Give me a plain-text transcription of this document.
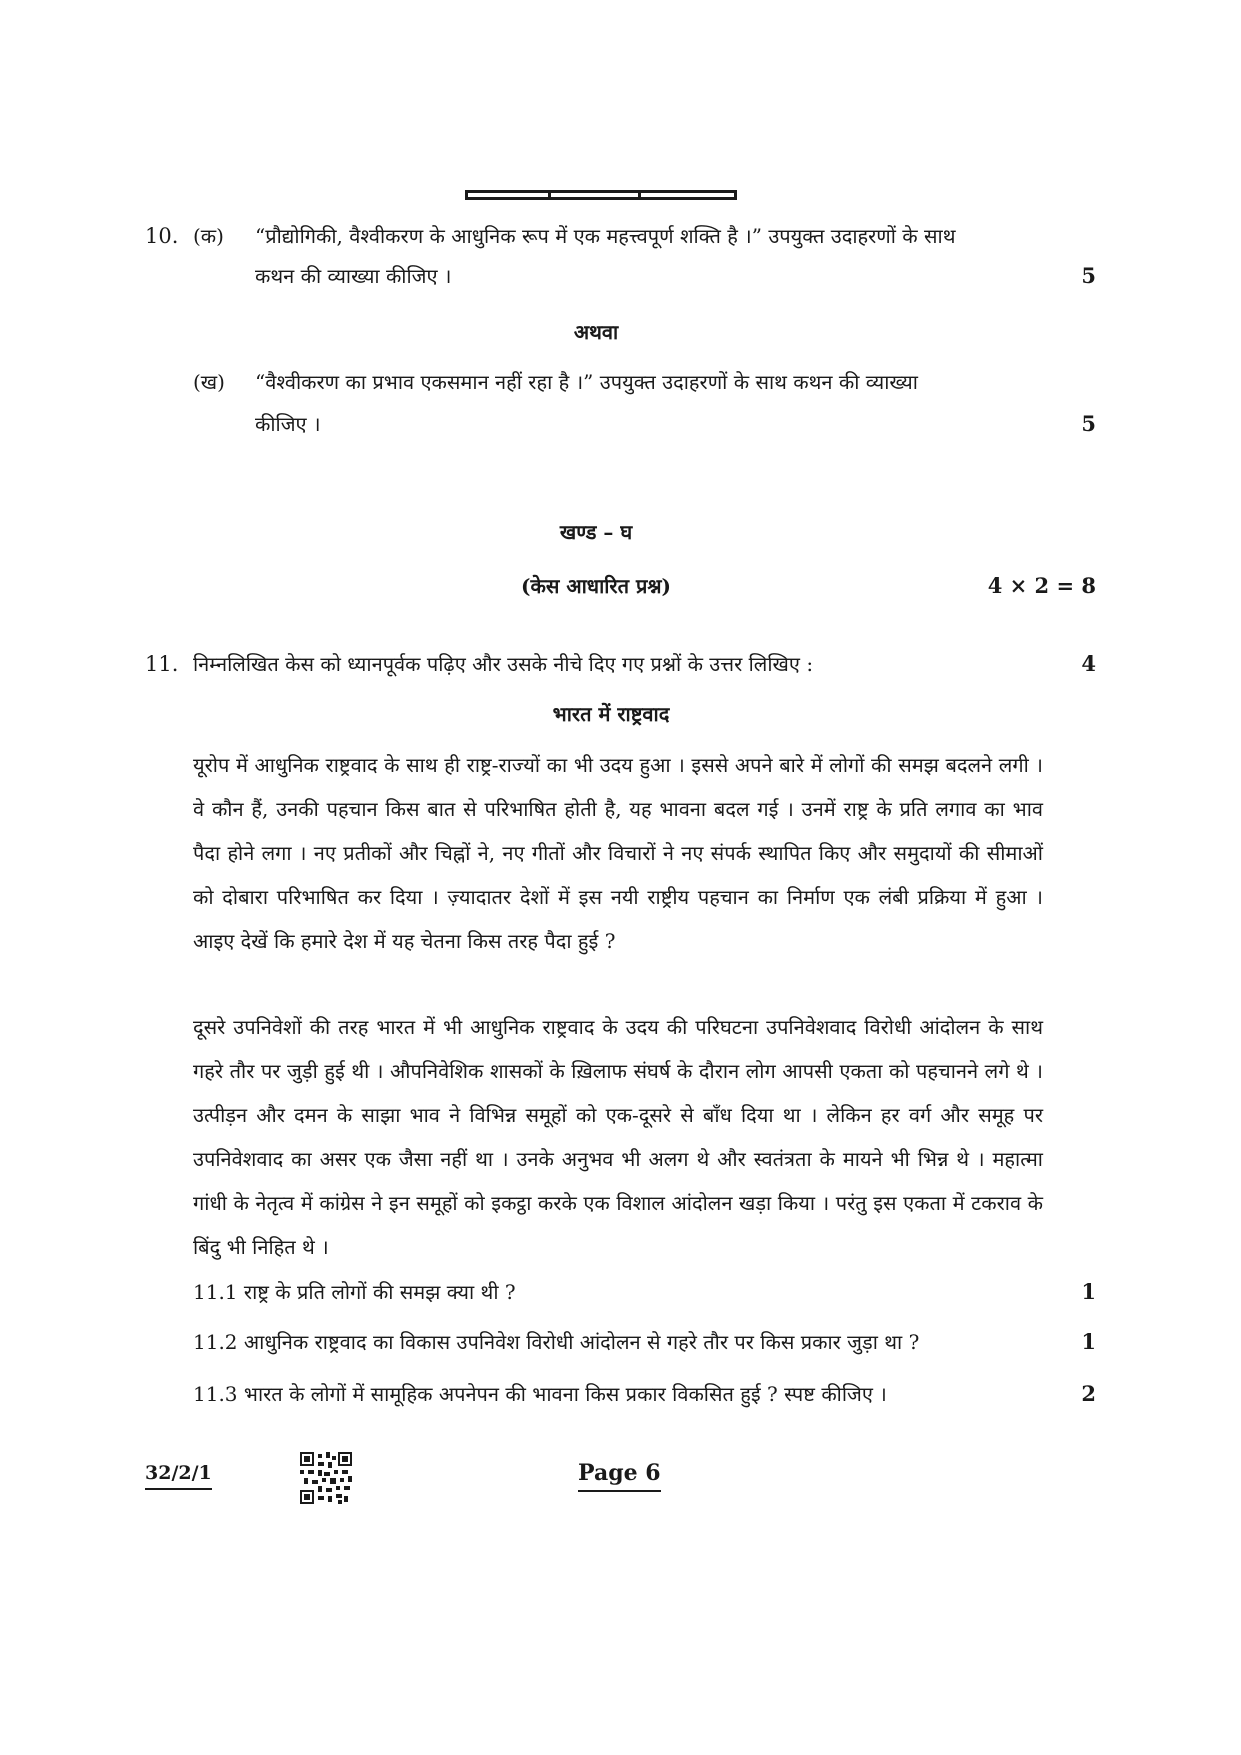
10. (क) “प्रौद्योगिकी, वैश्वीकरण के आधुनिक रूप में एक महत्त्वपूर्ण शक्ति है ।” उपयुक्त उदाहरणों के साथ
कथन की व्याख्या कीजिए ।	5
अथवा
(ख) “वैश्वीकरण का प्रभाव एकसमान नहीं रहा है ।” उपयुक्त उदाहरणों के साथ कथन की व्याख्या
कीजिए ।	5
खण्ड – घ
(केस आधारित प्रश्न)	4 × 2 = 8
11. निम्नलिखित केस को ध्यानपूर्वक पढ़िए और उसके नीचे दिए गए प्रश्नों के उत्तर लिखिए :	4
भारत में राष्ट्रवाद
यूरोप में आधुनिक राष्ट्रवाद के साथ ही राष्ट्र-राज्यों का भी उदय हुआ । इससे अपने बारे में लोगों की समझ बदलने लगी । वे कौन हैं, उनकी पहचान किस बात से परिभाषित होती है, यह भावना बदल गई । उनमें राष्ट्र के प्रति लगाव का भाव पैदा होने लगा । नए प्रतीकों और चिह्नों ने, नए गीतों और विचारों ने नए संपर्क स्थापित किए और समुदायों की सीमाओं को दोबारा परिभाषित कर दिया । ज़्यादातर देशों में इस नयी राष्ट्रीय पहचान का निर्माण एक लंबी प्रक्रिया में हुआ । आइए देखें कि हमारे देश में यह चेतना किस तरह पैदा हुई ?
दूसरे उपनिवेशों की तरह भारत में भी आधुनिक राष्ट्रवाद के उदय की परिघटना उपनिवेशवाद विरोधी आंदोलन के साथ गहरे तौर पर जुड़ी हुई थी । औपनिवेशिक शासकों के ख़िलाफ संघर्ष के दौरान लोग आपसी एकता को पहचानने लगे थे । उत्पीड़न और दमन के साझा भाव ने विभिन्न समूहों को एक-दूसरे से बाँध दिया था । लेकिन हर वर्ग और समूह पर उपनिवेशवाद का असर एक जैसा नहीं था । उनके अनुभव भी अलग थे और स्वतंत्रता के मायने भी भिन्न थे । महात्मा गांधी के नेतृत्व में कांग्रेस ने इन समूहों को इकट्ठा करके एक विशाल आंदोलन खड़ा किया । परंतु इस एकता में टकराव के बिंदु भी निहित थे ।
11.1 राष्ट्र के प्रति लोगों की समझ क्या थी ?	1
11.2 आधुनिक राष्ट्रवाद का विकास उपनिवेश विरोधी आंदोलन से गहरे तौर पर किस प्रकार जुड़ा था ?	1
11.3 भारत के लोगों में सामूहिक अपनेपन की भावना किस प्रकार विकसित हुई ? स्पष्ट कीजिए ।	2
32/2/1	Page 6
